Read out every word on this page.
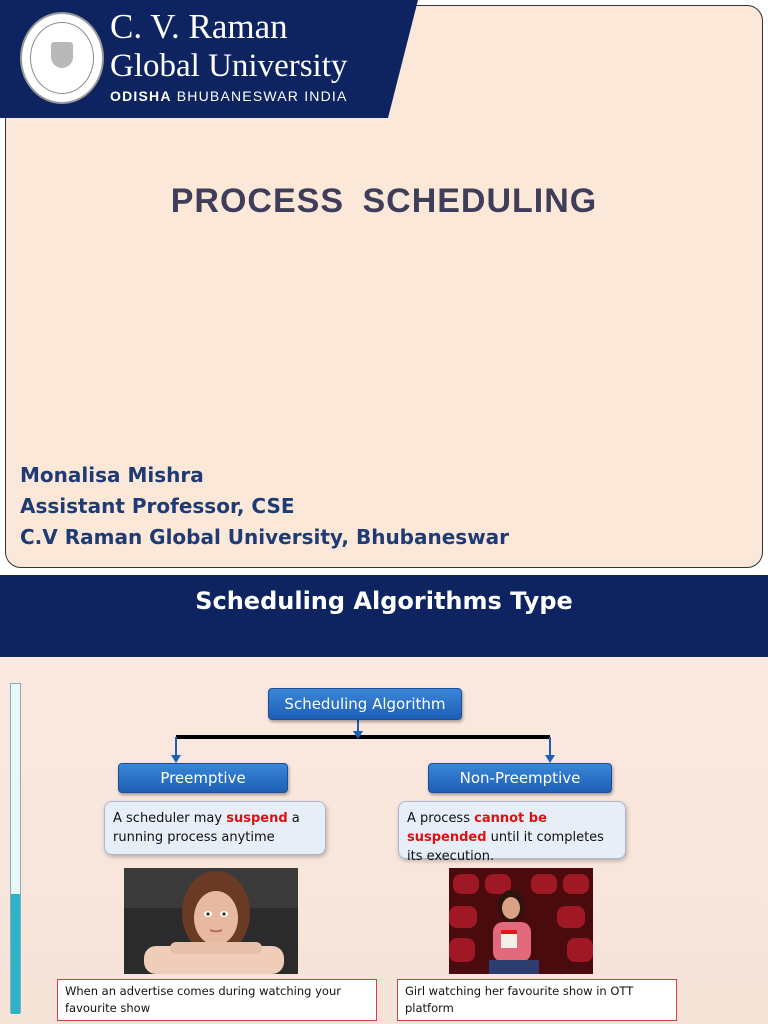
C. V. Raman
Global University
ODISHA BHUBANESWAR INDIA
PROCESS SCHEDULING
Monalisa Mishra
Assistant Professor, CSE
C.V Raman Global University, Bhubaneswar
Scheduling Algorithms Type
Scheduling Algorithm
Preemptive	Non-Preemptive
A scheduler may suspend a running process anytime
A process cannot be suspended until it completes its execution.
When an advertise comes during watching your favourite show
Girl watching her favourite show in OTT platform
